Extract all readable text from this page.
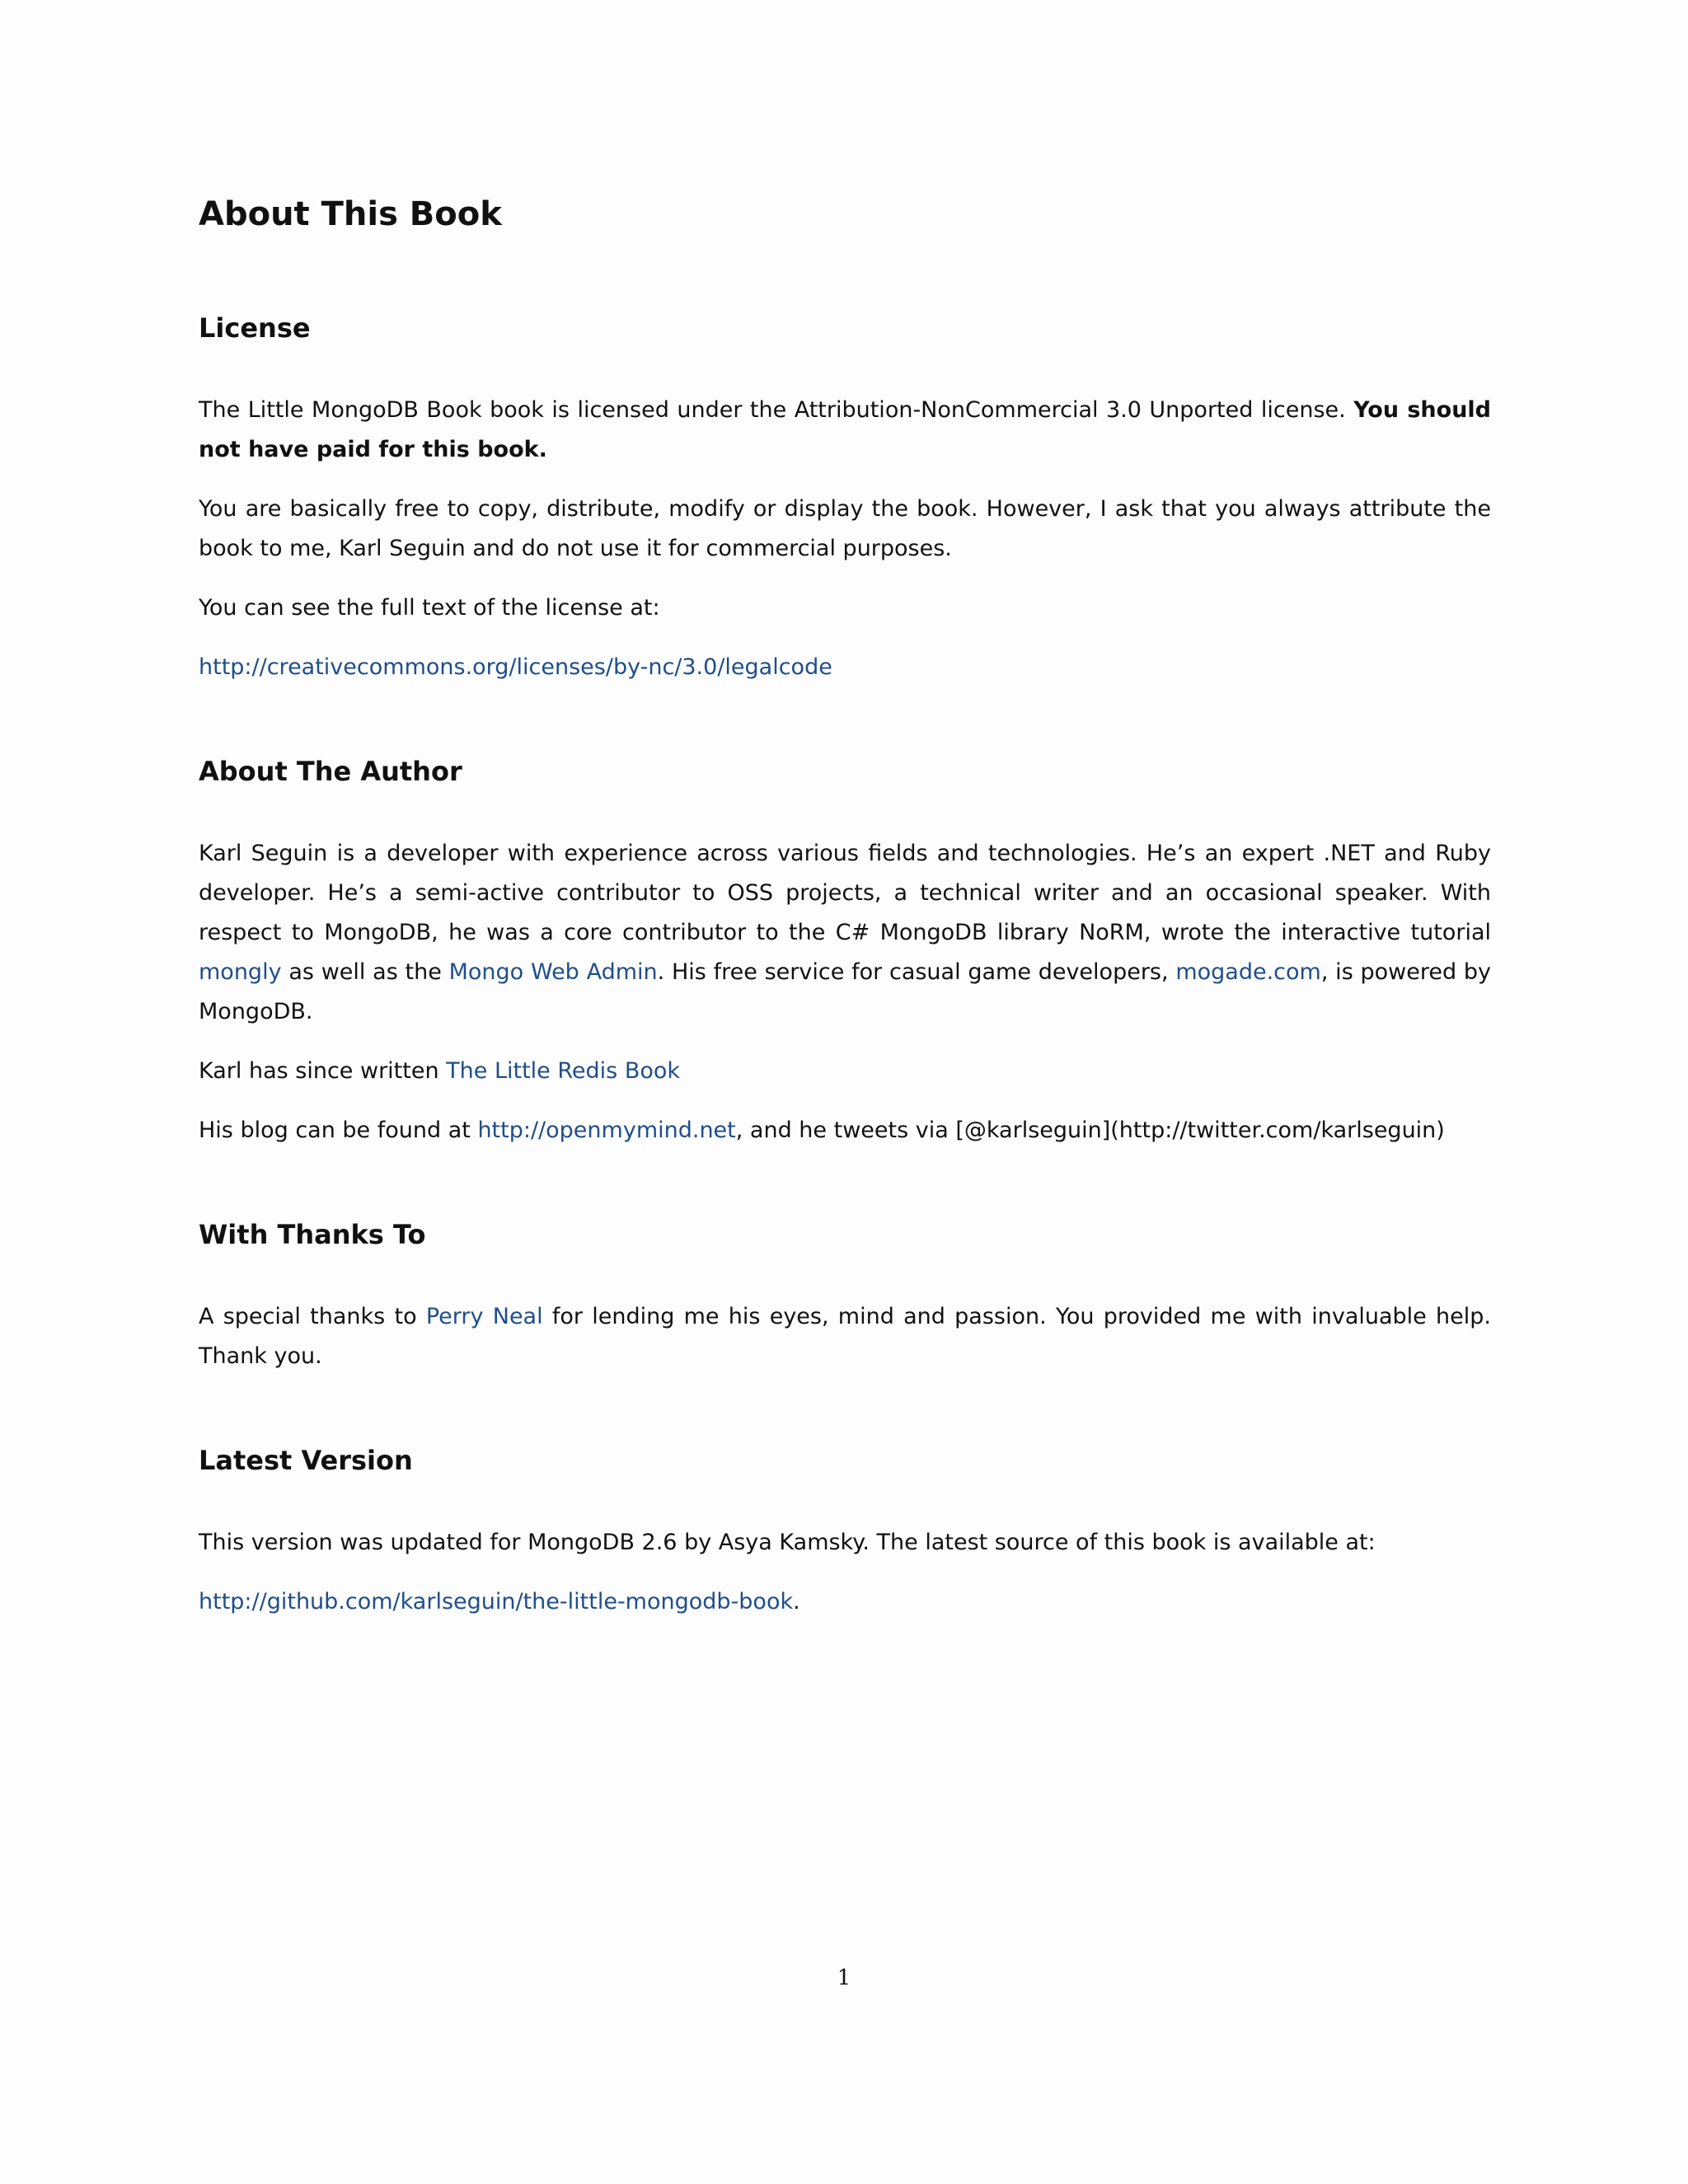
About This Book
License

The Little MongoDB Book book is licensed under the Attribution-NonCommercial 3.0 Unported license. You should not have paid for this book.

You are basically free to copy, distribute, modify or display the book. However, I ask that you always attribute the book to me, Karl Seguin and do not use it for commercial purposes.

You can see the full text of the license at:

http://creativecommons.org/licenses/by-nc/3.0/legalcode

About The Author

Karl Seguin is a developer with experience across various fields and technologies. He’s an expert .NET and Ruby developer. He’s a semi-active contributor to OSS projects, a technical writer and an occasional speaker. With respect to MongoDB, he was a core contributor to the C# MongoDB library NoRM, wrote the interactive tutorial mongly as well as the Mongo Web Admin. His free service for casual game developers, mogade.com, is powered by MongoDB.

Karl has since written The Little Redis Book

His blog can be found at http://openmymind.net, and he tweets via [@karlseguin](http://twitter.com/karlseguin)

With Thanks To

A special thanks to Perry Neal for lending me his eyes, mind and passion. You provided me with invaluable help. Thank you.

Latest Version

This version was updated for MongoDB 2.6 by Asya Kamsky. The latest source of this book is available at:

http://github.com/karlseguin/the-little-mongodb-book.

1
